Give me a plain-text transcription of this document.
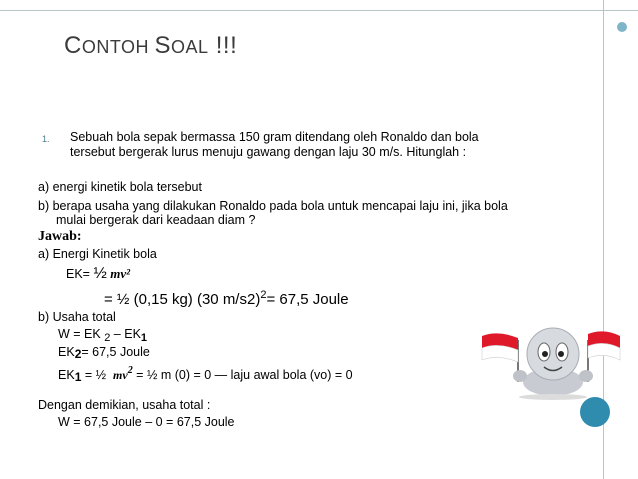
CONTOH SOAL !!!
1. Sebuah bola sepak bermassa 150 gram ditendang oleh Ronaldo dan bola
tersebut bergerak lurus menuju gawang dengan laju 30 m/s. Hitunglah :
a) energi kinetik bola tersebut
b) berapa usaha yang dilakukan Ronaldo pada bola untuk mencapai laju ini, jika bola
mulai bergerak dari keadaan diam ?
Jawab:
a) Energi Kinetik bola
EK= ½ mv²
= ½ (0,15 kg) (30 m/s2)$^2$= 67,5 Joule
b) Usaha total
W = EK 2 – EK1
EK2= 67,5 Joule
EK1 = ½ $mv^2$ = ½ m (0) = 0 — laju awal bola (vo) = 0
Dengan demikian, usaha total :
W = 67,5 Joule – 0 = 67,5 Joule
